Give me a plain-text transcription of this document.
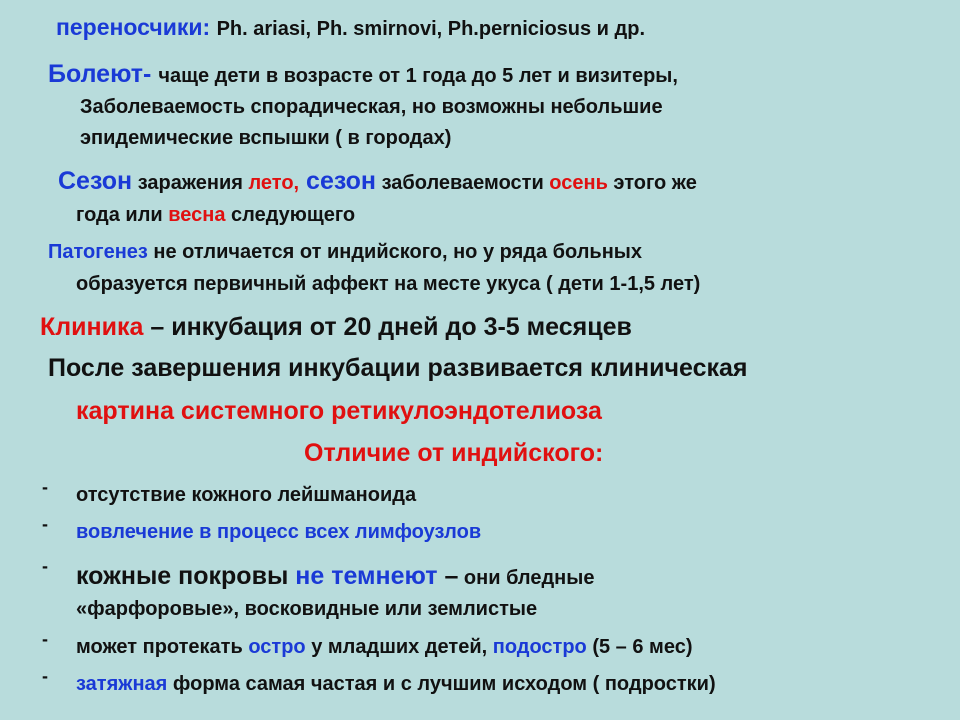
переносчики: Ph. ariasi, Ph. smirnovi, Ph.perniciosus и др.
Болеют- чаще дети в возрасте от 1 года до 5 лет и визитеры,
Заболеваемость спорадическая, но возможны небольшие
эпидемические вспышки ( в городах)
Сезон заражения лето, сезон заболеваемости осень этого же
года или весна следующего
Патогенез не отличается от индийского, но у ряда больных
образуется первичный аффект на месте укуса ( дети 1-1,5 лет)
Клиника – инкубация от 20 дней до 3-5 месяцев
После завершения инкубации развивается клиническая
картина системного ретикулоэндотелиоза
Отличие от индийского:
- отсутствие кожного лейшманоида
- вовлечение в процесс всех лимфоузлов
- кожные покровы не темнеют – они бледные
«фарфоровые», восковидные или землистые
- может протекать остро у младших детей, подостро (5 – 6 мес)
- затяжная форма самая частая и с лучшим исходом ( подростки)
